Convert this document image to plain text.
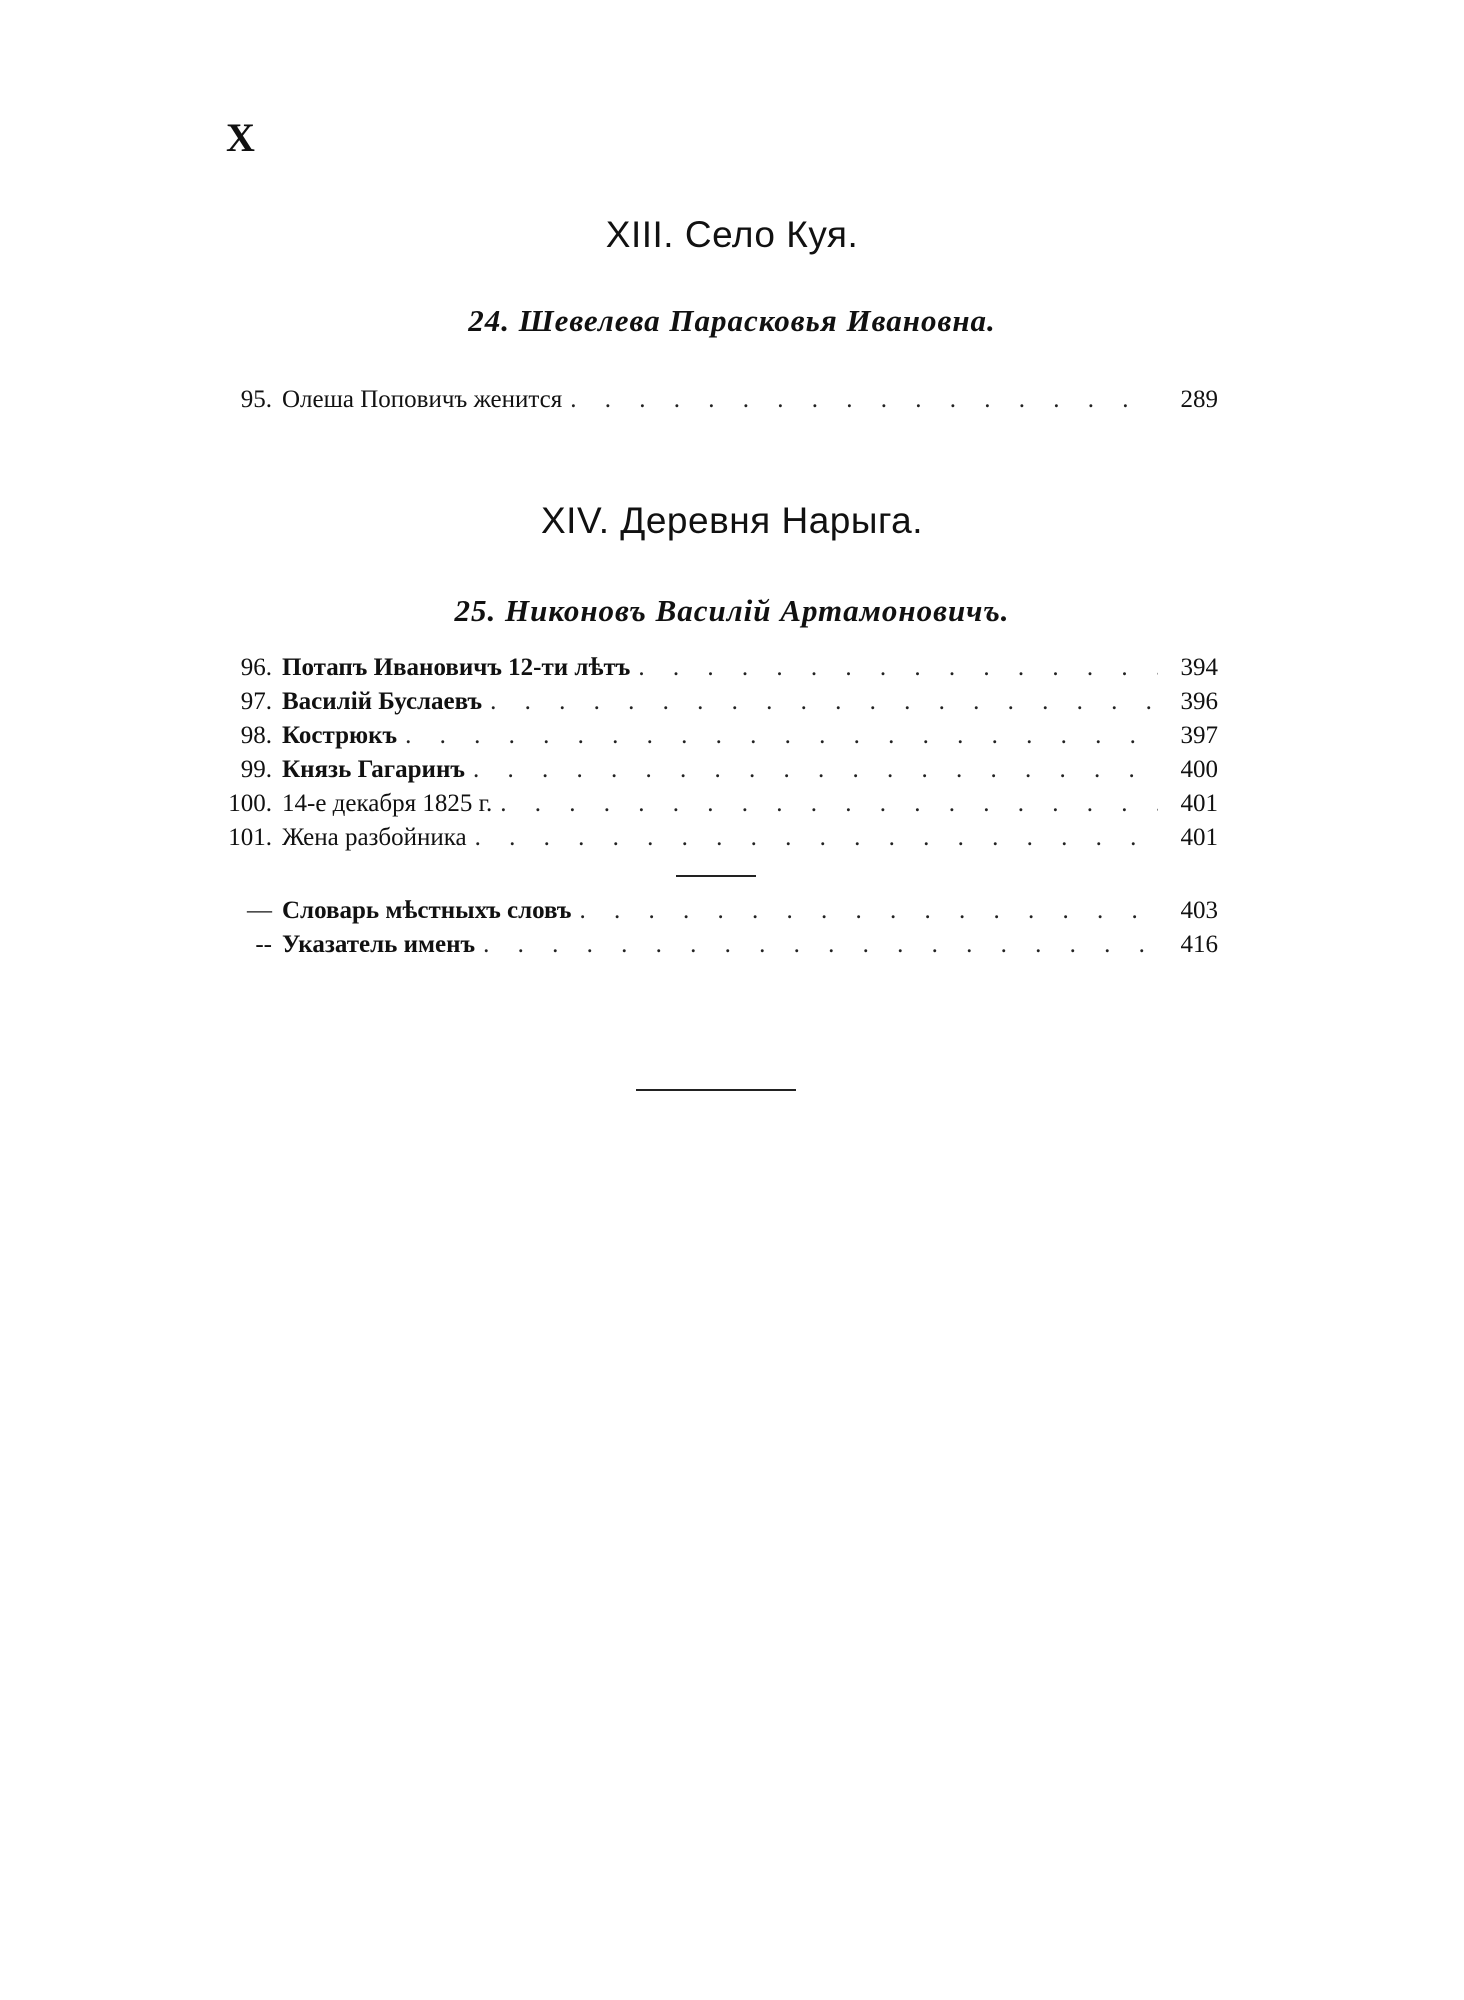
X
XIII. Село Куя.
24. Шевелева Парасковья Ивановна.
95. Олеша Поповичъ женится . . .	289
XIV. Деревня Нарыга.
25. Никоновъ Василій Артамоновичъ.
96. Потапъ Ивановичъ 12-ти лѣтъ . . .	394
97. Василій Буслаевъ . . .	396
98. Кострюкъ . . .	397
99. Князь Гагаринъ . . .	400
100. 14-е декабря 1825 г. . . .	401
101. Жена разбойника . . .	401
— Словарь мѣстныхъ словъ . . .	403
-- Указатель именъ . . .	416
